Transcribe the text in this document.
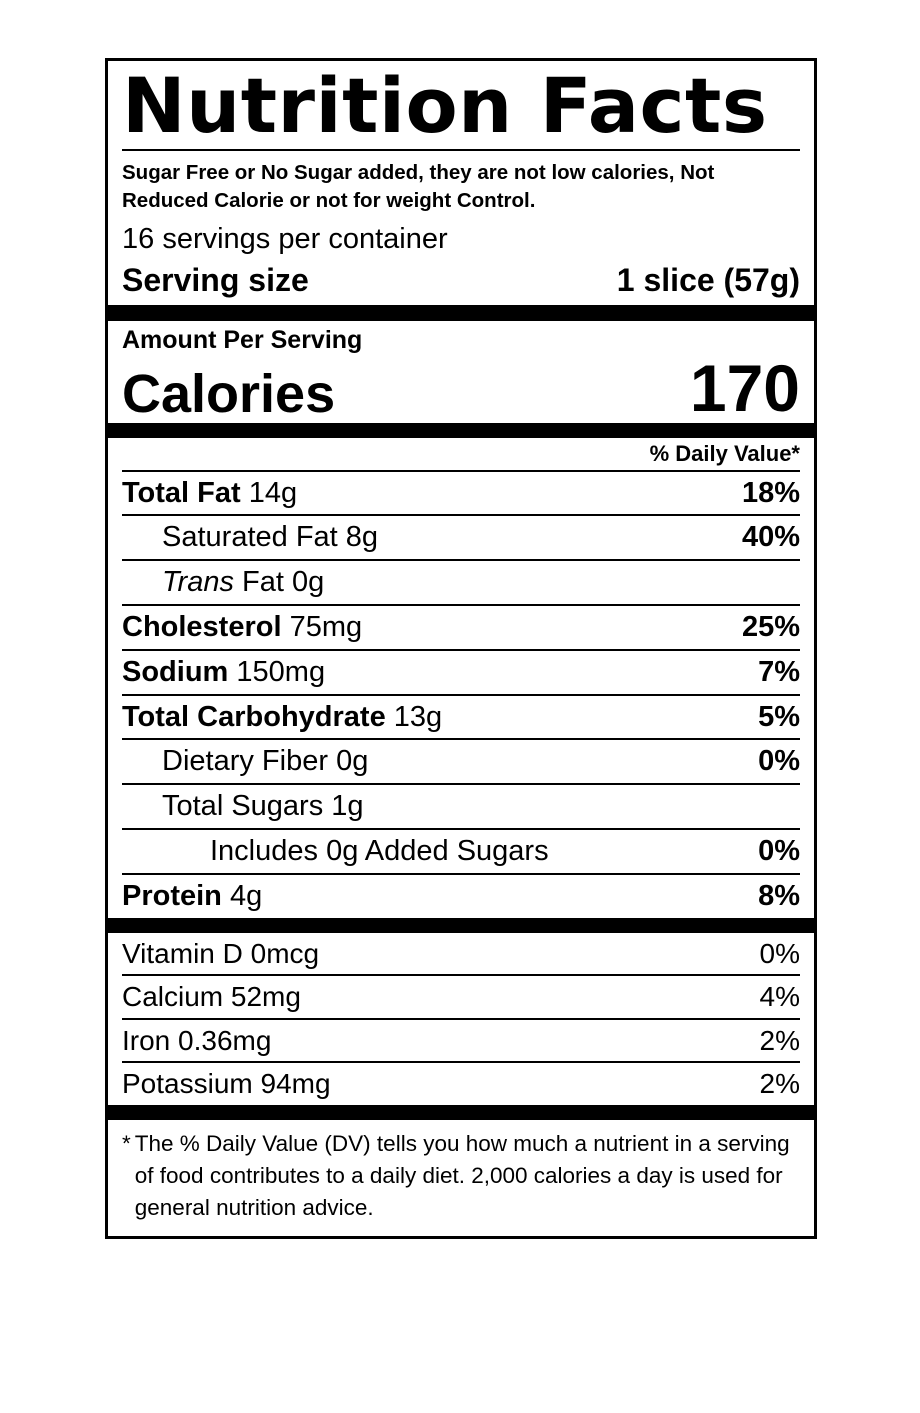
Nutrition Facts
Sugar Free or No Sugar added, they are not low calories, Not Reduced Calorie or not for weight Control.
16 servings per container
Serving size	1 slice (57g)
Amount Per Serving
Calories	170
% Daily Value*
Total Fat 14g	18%
Saturated Fat 8g	40%
Trans Fat 0g
Cholesterol 75mg	25%
Sodium 150mg	7%
Total Carbohydrate 13g	5%
Dietary Fiber 0g	0%
Total Sugars 1g
Includes 0g Added Sugars	0%
Protein 4g	8%
Vitamin D 0mcg	0%
Calcium 52mg	4%
Iron 0.36mg	2%
Potassium 94mg	2%
* The % Daily Value (DV) tells you how much a nutrient in a serving of food contributes to a daily diet. 2,000 calories a day is used for general nutrition advice.
